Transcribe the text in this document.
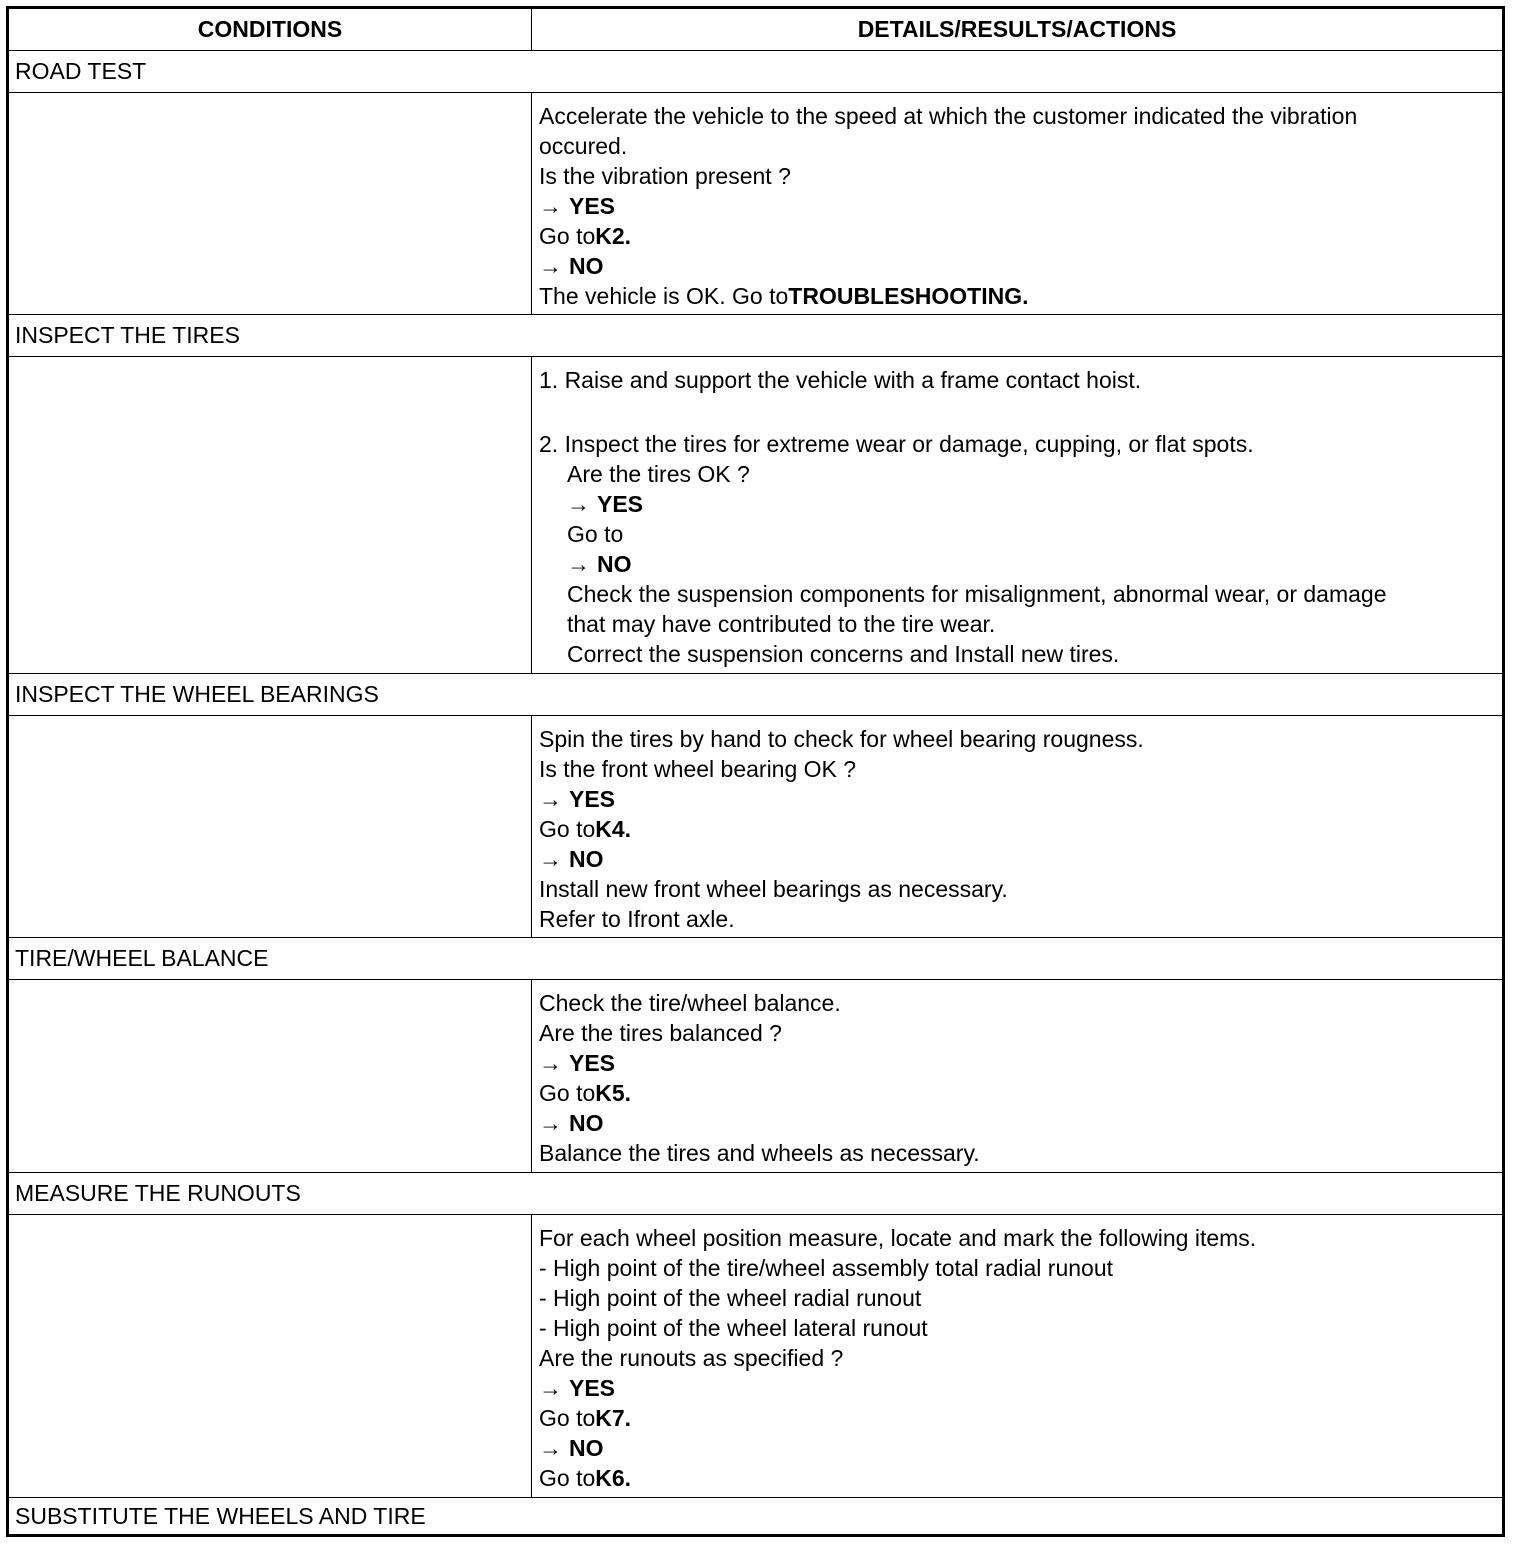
CONDITIONS	DETAILS/RESULTS/ACTIONS
ROAD TEST
Accelerate the vehicle to the speed at which the customer indicated the vibration
occured.
Is the vibration present ?
→ YES
Go toK2.
→ NO
The vehicle is OK. Go toTROUBLESHOOTING.
INSPECT THE TIRES
1. Raise and support the vehicle with a frame contact hoist.
2. Inspect the tires for extreme wear or damage, cupping, or flat spots.
Are the tires OK ?
→ YES
Go to
→ NO
Check the suspension components for misalignment, abnormal wear, or damage
that may have contributed to the tire wear.
Correct the suspension concerns and Install new tires.
INSPECT THE WHEEL BEARINGS
Spin the tires by hand to check for wheel bearing rougness.
Is the front wheel bearing OK ?
→ YES
Go toK4.
→ NO
Install new front wheel bearings as necessary.
Refer to Ifront axle.
TIRE/WHEEL BALANCE
Check the tire/wheel balance.
Are the tires balanced ?
→ YES
Go toK5.
→ NO
Balance the tires and wheels as necessary.
MEASURE THE RUNOUTS
For each wheel position measure, locate and mark the following items.
- High point of the tire/wheel assembly total radial runout
- High point of the wheel radial runout
- High point of the wheel lateral runout
Are the runouts as specified ?
→ YES
Go toK7.
→ NO
Go toK6.
SUBSTITUTE THE WHEELS AND TIRE
